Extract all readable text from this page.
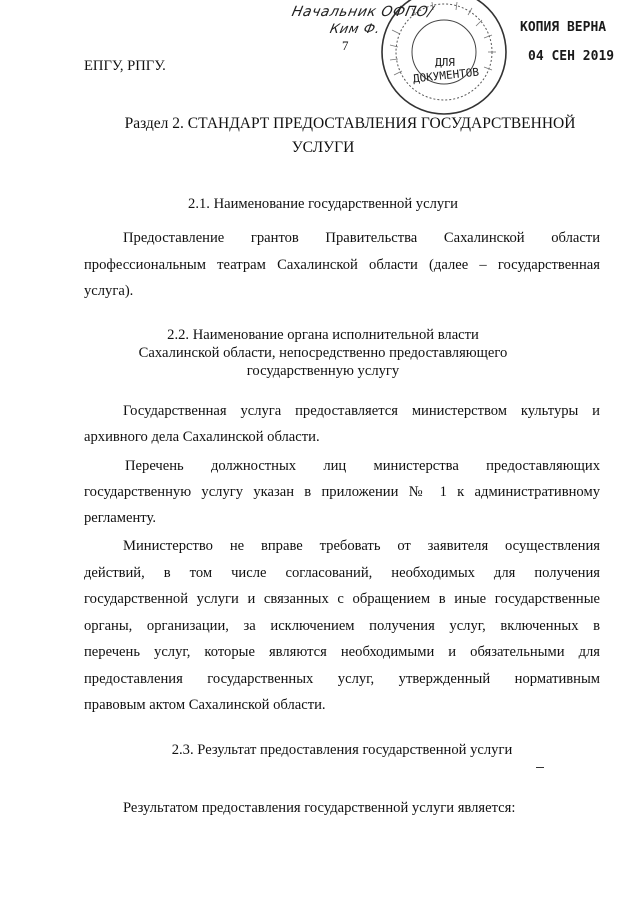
ДЛЯ
ДОКУМЕНТОВ
Начальник ОФПО/
Ким Ф.	КОПИЯ ВЕРНА
04 СЕН 2019
7
ЕПГУ, РПГУ.
Раздел 2. СТАНДАРТ ПРЕДОСТАВЛЕНИЯ ГОСУДАРСТВЕННОЙ
УСЛУГИ
2.1. Наименование государственной услуги
Предоставление грантов Правительства Сахалинской области
профессиональным театрам Сахалинской области (далее – государственная
услуга).
2.2. Наименование органа исполнительной власти
Сахалинской области, непосредственно предоставляющего
государственную услугу
Государственная услуга предоставляется министерством культуры и
архивного дела Сахалинской области.
Перечень должностных лиц министерства предоставляющих
государственную услугу указан в приложении № 1 к административному
регламенту.
Министерство не вправе требовать от заявителя осуществления
действий, в том числе согласований, необходимых для получения
государственной услуги и связанных с обращением в иные государственные
органы, организации, за исключением получения услуг, включенных в
перечень услуг, которые являются необходимыми и обязательными для
предоставления государственных услуг, утвержденный нормативным
правовым актом Сахалинской области.
2.3. Результат предоставления государственной услуги
Результатом предоставления государственной услуги является:
